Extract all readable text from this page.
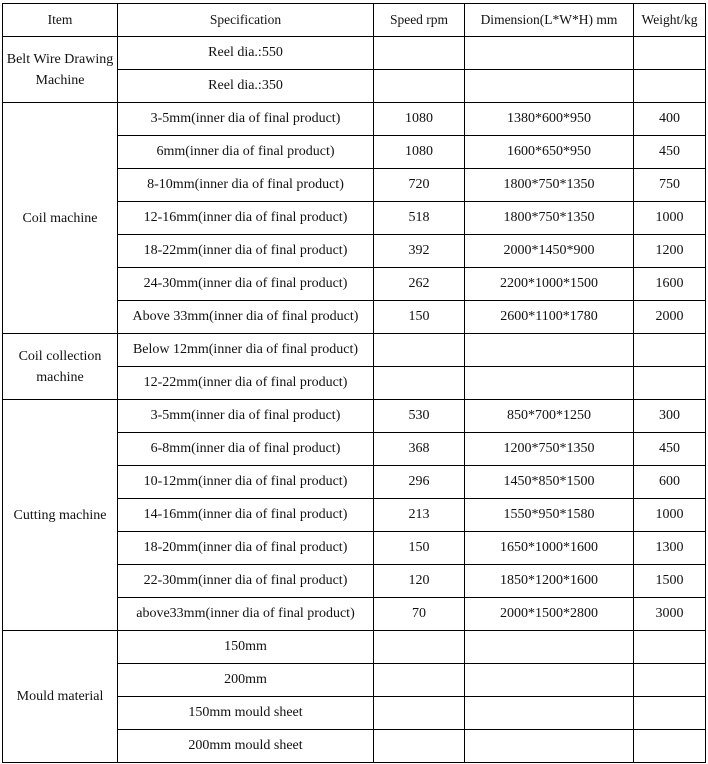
Item	Specification	Speed rpm	Dimension(L*W*H) mm	Weight/kg
Belt Wire Drawing Machine	Reel dia.:550			
	Reel dia.:350			
Coil machine	3-5mm(inner dia of final product)	1080	1380*600*950	400
	6mm(inner dia of final product)	1080	1600*650*950	450
	8-10mm(inner dia of final product)	720	1800*750*1350	750
	12-16mm(inner dia of final product)	518	1800*750*1350	1000
	18-22mm(inner dia of final product)	392	2000*1450*900	1200
	24-30mm(inner dia of final product)	262	2200*1000*1500	1600
	Above 33mm(inner dia of final product)	150	2600*1100*1780	2000
Coil collection machine	Below 12mm(inner dia of final product)			
	12-22mm(inner dia of final product)			
Cutting machine	3-5mm(inner dia of final product)	530	850*700*1250	300
	6-8mm(inner dia of final product)	368	1200*750*1350	450
	10-12mm(inner dia of final product)	296	1450*850*1500	600
	14-16mm(inner dia of final product)	213	1550*950*1580	1000
	18-20mm(inner dia of final product)	150	1650*1000*1600	1300
	22-30mm(inner dia of final product)	120	1850*1200*1600	1500
	above33mm(inner dia of final product)	70	2000*1500*2800	3000
Mould material	150mm			
	200mm			
	150mm mould sheet			
	200mm mould sheet			
